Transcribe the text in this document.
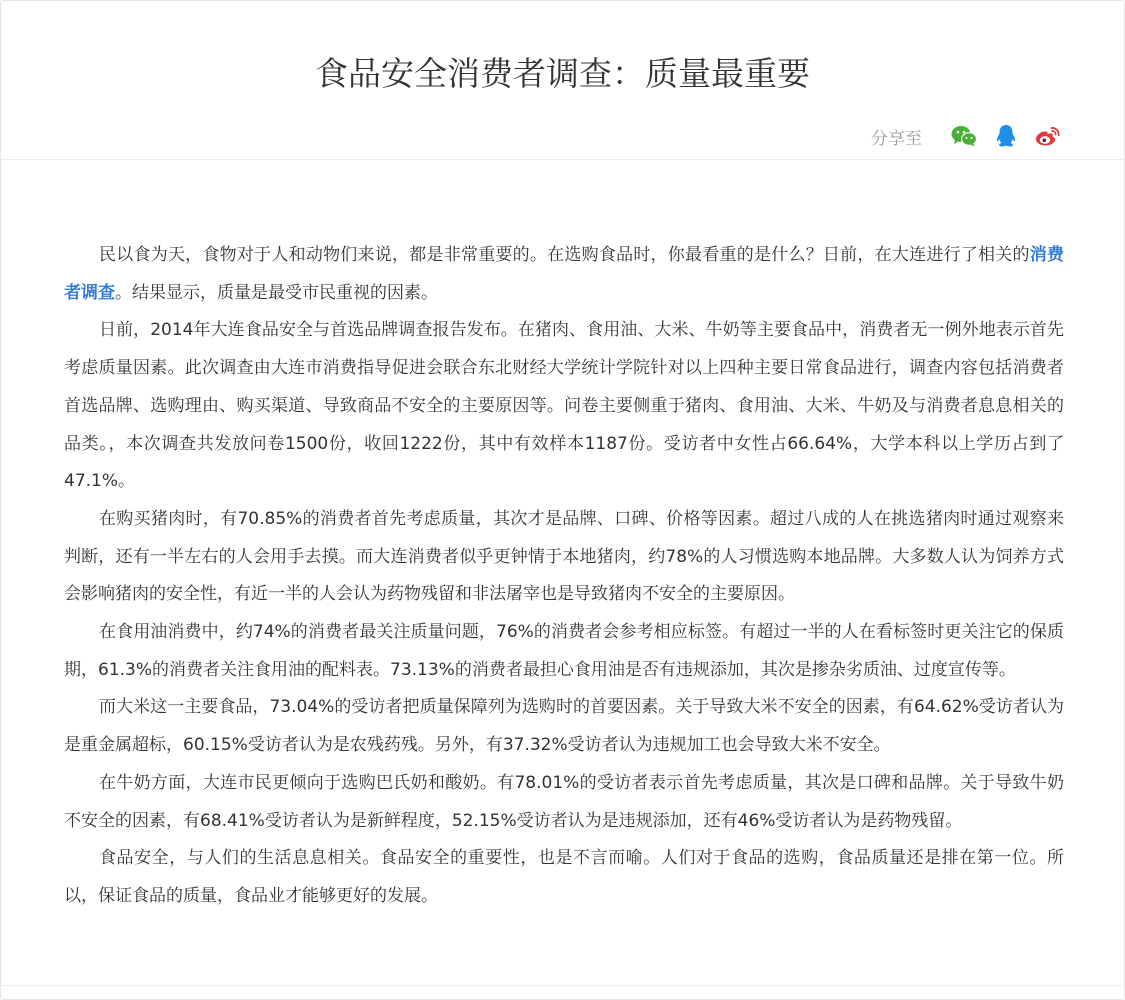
食品安全消费者调查：质量最重要
分享至

民以食为天，食物对于人和动物们来说，都是非常重要的。在选购食品时，你最看重的是什么？日前，在大连进行了相关的消费者调查。结果显示，质量是最受市民重视的因素。

日前，2014年大连食品安全与首选品牌调查报告发布。在猪肉、食用油、大米、牛奶等主要食品中，消费者无一例外地表示首先考虑质量因素。此次调查由大连市消费指导促进会联合东北财经大学统计学院针对以上四种主要日常食品进行，调查内容包括消费者首选品牌、选购理由、购买渠道、导致商品不安全的主要原因等。问卷主要侧重于猪肉、食用油、大米、牛奶及与消费者息息相关的品类。，本次调查共发放问卷1500份，收回1222份，其中有效样本1187份。受访者中女性占66.64%，大学本科以上学历占到了47.1%。

在购买猪肉时，有70.85%的消费者首先考虑质量，其次才是品牌、口碑、价格等因素。超过八成的人在挑选猪肉时通过观察来判断，还有一半左右的人会用手去摸。而大连消费者似乎更钟情于本地猪肉，约78%的人习惯选购本地品牌。大多数人认为饲养方式会影响猪肉的安全性，有近一半的人会认为药物残留和非法屠宰也是导致猪肉不安全的主要原因。

在食用油消费中，约74%的消费者最关注质量问题，76%的消费者会参考相应标签。有超过一半的人在看标签时更关注它的保质期，61.3%的消费者关注食用油的配料表。73.13%的消费者最担心食用油是否有违规添加，其次是掺杂劣质油、过度宣传等。

而大米这一主要食品，73.04%的受访者把质量保障列为选购时的首要因素。关于导致大米不安全的因素，有64.62%受访者认为是重金属超标，60.15%受访者认为是农残药残。另外，有37.32%受访者认为违规加工也会导致大米不安全。

在牛奶方面，大连市民更倾向于选购巴氏奶和酸奶。有78.01%的受访者表示首先考虑质量，其次是口碑和品牌。关于导致牛奶不安全的因素，有68.41%受访者认为是新鲜程度，52.15%受访者认为是违规添加，还有46%受访者认为是药物残留。

食品安全，与人们的生活息息相关。食品安全的重要性，也是不言而喻。人们对于食品的选购，食品质量还是排在第一位。所以，保证食品的质量，食品业才能够更好的发展。
